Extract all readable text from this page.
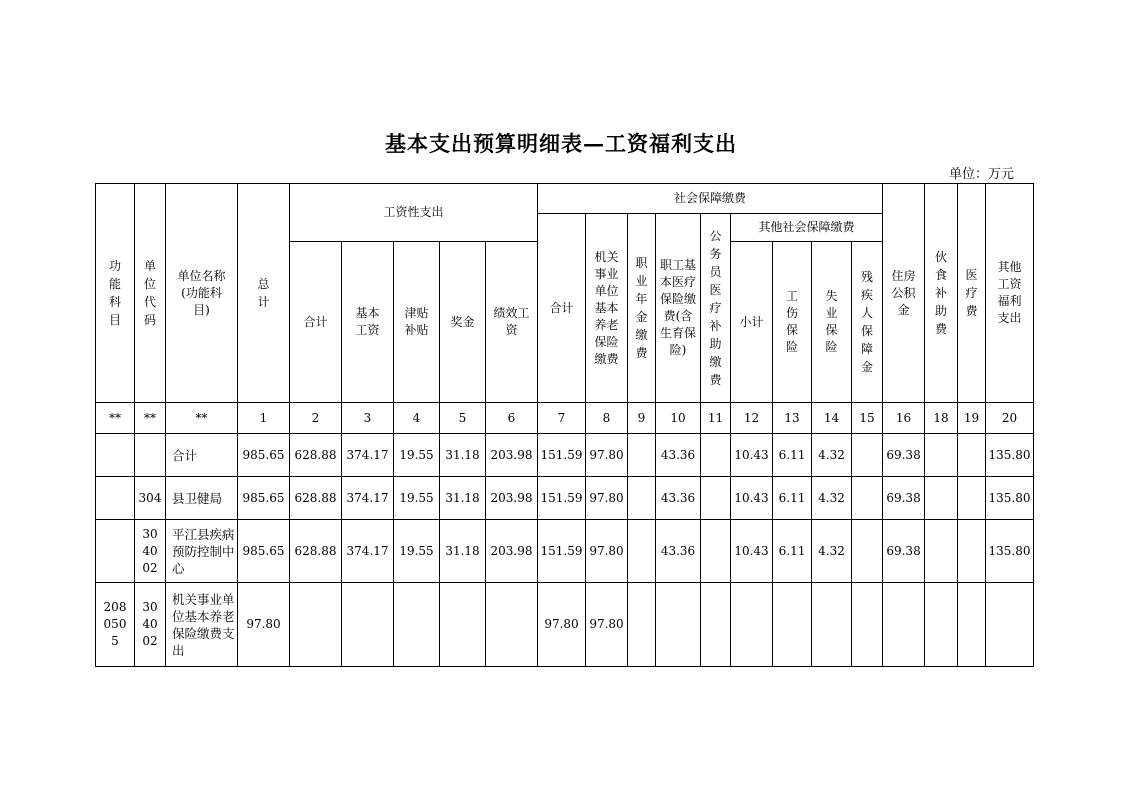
基本支出预算明细表—工资福利支出
单位：万元
功能科目	单位代码	单位名称(功能科目)	总计	工资性支出					社会保障缴费									住房公积金	伙食补助费	医疗费	其他工资福利支出

									合计	机关事业单位基本养老保险缴费	职业年金缴费	职工基本医疗保险缴费(含生育保险)	公务员医疗补助缴费	其他社会保障缴费							
				合计	基本工资	津贴补贴	奖金	绩效工资						小计	工伤保险	失业保险	残疾人保障金				

**	**	**	1	2	3	4	5	6	7	8	9	10	11	12	13	14	15	16	18	19	20
		合计	985.65	628.88	374.17	19.55	31.18	203.98	151.59	97.80		43.36		10.43	6.11	4.32		69.38			135.80
	304	县卫健局	985.65	628.88	374.17	19.55	31.18	203.98	151.59	97.80		43.36		10.43	6.11	4.32		69.38			135.80
	304002	平江县疾病预防控制中心	985.65	628.88	374.17	19.55	31.18	203.98	151.59	97.80		43.36		10.43	6.11	4.32		69.38			135.80
2080505	304002	机关事业单位基本养老保险缴费支出	97.80						97.80	97.80											
